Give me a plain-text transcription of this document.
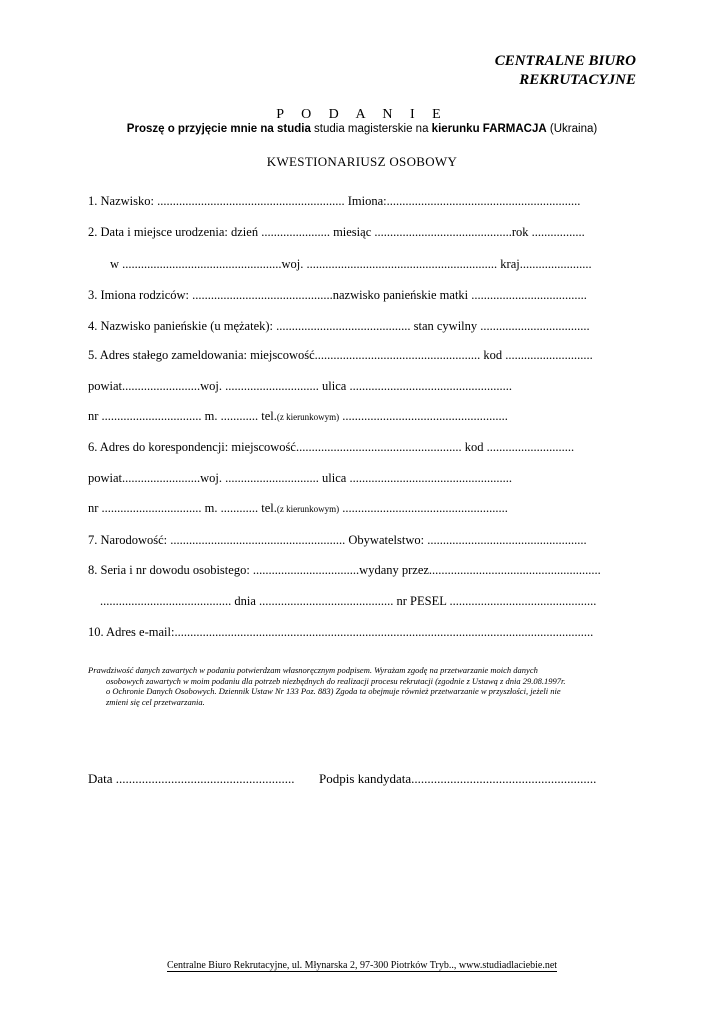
CENTRALNE BIURO
REKRUTACYJNE
P O D A N I E
Proszę o przyjęcie mnie na studia studia magisterskie na kierunku FARMACJA (Ukraina)
KWESTIONARIUSZ OSOBOWY
1. Nazwisko: ............................................................ Imiona:..............................................................
2. Data i miejsce urodzenia: dzień ...................... miesiąc ............................................rok .................
w ...................................................woj. ............................................................. kraj.......................
3. Imiona rodziców: .............................................nazwisko panieńskie matki .....................................
4. Nazwisko panieńskie (u mężatek): ........................................... stan cywilny ...................................
5. Adres stałego zameldowania: miejscowość..................................................... kod ............................
powiat.........................woj. .............................. ulica ....................................................
nr ................................ m. ............ tel.(z kierunkowym) .....................................................
6. Adres do korespondencji: miejscowość..................................................... kod ............................
powiat.........................woj. .............................. ulica ....................................................
nr ................................ m. ............ tel.(z kierunkowym) .....................................................
7. Narodowość: ........................................................ Obywatelstwo: ...................................................
8. Seria i nr dowodu osobistego: ..................................wydany przez.......................................................
.......................................... dnia ........................................... nr PESEL ...............................................
10. Adres e-mail:......................................................................................................................................
Prawdziwość danych zawartych w podaniu potwierdzam własnoręcznym podpisem. Wyrażam zgodę na przetwarzanie moich danych
osobowych zawartych w moim podaniu dla potrzeb niezbędnych do realizacji procesu rekrutacji (zgodnie z Ustawą z dnia 29.08.1997r.
o Ochronie Danych Osobowych. Dziennik Ustaw Nr 133 Poz. 883) Zgoda ta obejmuje również przetwarzanie w przyszłości, jeżeli nie
zmieni się cel przetwarzania.
Data ....................................................... Podpis kandydata.........................................................
Centralne Biuro Rekrutacyjne, ul. Młynarska 2, 97-300 Piotrków Tryb.., www.studiadlaciebie.net
